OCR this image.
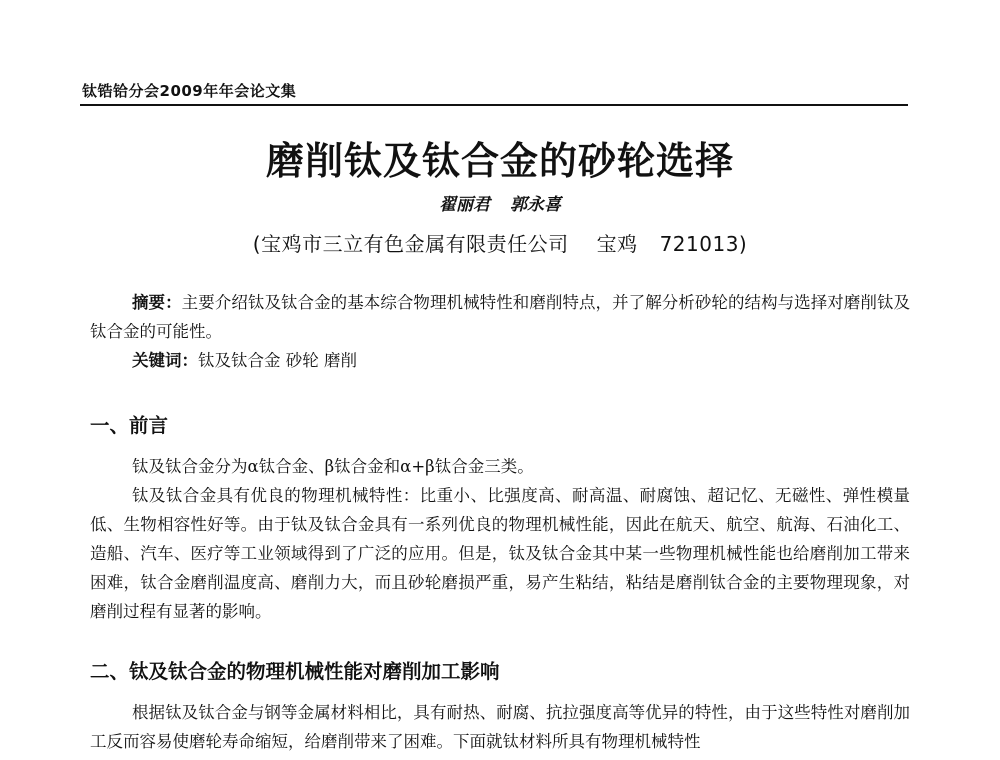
钛锆铪分会2009年年会论文集
磨削钛及钛合金的砂轮选择
翟丽君 郭永喜
(宝鸡市三立有色金属有限责任公司 宝鸡 721013)

摘要：主要介绍钛及钛合金的基本综合物理机械特性和磨削特点，并了解分析砂轮的结构与选择对磨削钛及钛合金的可能性。

关键词：钛及钛合金 砂轮 磨削

一、前言

钛及钛合金分为α钛合金、β钛合金和α+β钛合金三类。

钛及钛合金具有优良的物理机械特性：比重小、比强度高、耐高温、耐腐蚀、超记忆、无磁性、弹性模量低、生物相容性好等。由于钛及钛合金具有一系列优良的物理机械性能，因此在航天、航空、航海、石油化工、造船、汽车、医疗等工业领域得到了广泛的应用。但是，钛及钛合金其中某一些物理机械性能也给磨削加工带来困难，钛合金磨削温度高、磨削力大，而且砂轮磨损严重，易产生粘结，粘结是磨削钛合金的主要物理现象，对磨削过程有显著的影响。

二、钛及钛合金的物理机械性能对磨削加工影响

根据钛及钛合金与钢等金属材料相比，具有耐热、耐腐、抗拉强度高等优异的特性，由于这些特性对磨削加工反而容易使磨轮寿命缩短，给磨削带来了困难。下面就钛材料所具有物理机械特性
